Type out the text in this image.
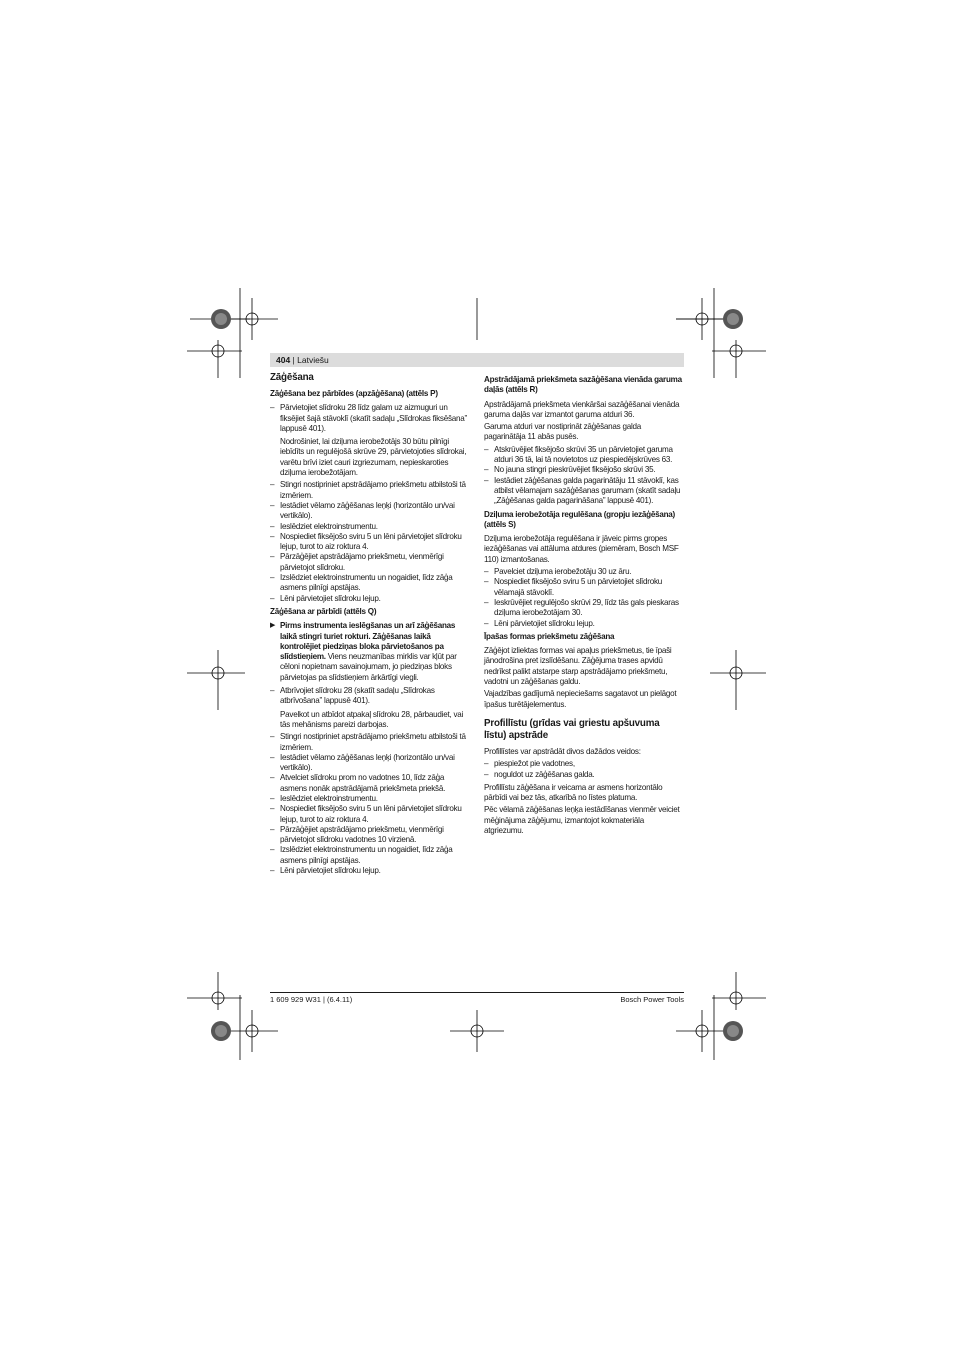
404 | Latviešu
Zāģēšana
Zāģēšana bez pārbīdes (apzāģēšana) (attēls P)
– Pārvietojiet slīdroku 28 līdz galam uz aizmuguri un fiksējiet šajā stāvoklī (skatīt sadaļu „Slīdrokas fiksēšana” lappusē 401).

Nodrošiniet, lai dziļuma ierobežotājs 30 būtu pilnīgi iebīdīts un regulējošā skrūve 29, pārvietojoties slīdrokai, varētu brīvi iziet cauri izgriezumam, nepieskaroties dziļuma ierobežotājam.

– Stingri nostipriniet apstrādājamo priekšmetu atbilstoši tā izmēriem.
– Iestādiet vēlamo zāģēšanas leņķi (horizontālo un/vai vertikālo).
– Ieslēdziet elektroinstrumentu.
– Nospiediet fiksējošo sviru 5 un lēni pārvietojiet slīdroku lejup, turot to aiz roktura 4.
– Pārzāģējiet apstrādājamo priekšmetu, vienmērīgi pārvietojot slīdroku.
– Izslēdziet elektroinstrumentu un nogaidiet, līdz zāģa asmens pilnīgi apstājas.
– Lēni pārvietojiet slīdroku lejup.
Zāģēšana ar pārbīdi (attēls Q)
▶ Pirms instrumenta ieslēgšanas un arī zāģēšanas laikā stingri turiet rokturi. Zāģēšanas laikā kontrolējiet piedziņas bloka pārvietošanos pa slīdstieņiem. Viens neuzmanības mirklis var kļūt par cēloni nopietnam savainojumam, jo piedziņas bloks pārvietojas pa slīdstieņiem ārkārtīgi viegli.
– Atbrīvojiet slīdroku 28 (skatīt sadaļu „Slīdrokas atbrīvošana” lappusē 401).

Pavelkot un atbīdot atpakaļ slīdroku 28, pārbaudiet, vai tās mehānisms pareizi darbojas.

– Stingri nostipriniet apstrādājamo priekšmetu atbilstoši tā izmēriem.
– Iestādiet vēlamo zāģēšanas leņķi (horizontālo un/vai vertikālo).
– Atvelciet slīdroku prom no vadotnes 10, līdz zāģa asmens nonāk apstrādājamā priekšmeta priekšā.
– Ieslēdziet elektroinstrumentu.
– Nospiediet fiksējošo sviru 5 un lēni pārvietojiet slīdroku lejup, turot to aiz roktura 4.
– Pārzāģējiet apstrādājamo priekšmetu, vienmērīgi pārvietojot slīdroku vadotnes 10 virzienā.
– Izslēdziet elektroinstrumentu un nogaidiet, līdz zāģa asmens pilnīgi apstājas.
– Lēni pārvietojiet slīdroku lejup.
Apstrādājamā priekšmeta sazāģēšana vienāda garuma daļās (attēls R)

Apstrādājamā priekšmeta vienkāršai sazāģēšanai vienāda garuma daļās var izmantot garuma atduri 36.

Garuma atduri var nostiprināt zāģēšanas galda pagarinātāja 11 abās pusēs.

– Atskrūvējiet fiksējošo skrūvi 35 un pārvietojiet garuma atduri 36 tā, lai tā novietotos uz piespiedējskrūves 63.
– No jauna stingri pieskrūvējiet fiksējošo skrūvi 35.
– Iestādiet zāģēšanas galda pagarinātāju 11 stāvoklī, kas atbilst vēlamajam sazāģēšanas garumam (skatīt sadaļu „Zāģēšanas galda pagarināšana” lappusē 401).
Dziļuma ierobežotāja regulēšana (gropju iezāģēšana) (attēls S)

Dziļuma ierobežotāja regulēšana ir jāveic pirms gropes iezāģēšanas vai attāluma atdures (piemēram, Bosch MSF 110) izmantošanas.

– Pavelciet dziļuma ierobežotāju 30 uz āru.
– Nospiediet fiksējošo sviru 5 un pārvietojiet slīdroku vēlamajā stāvoklī.
– Ieskrūvējiet regulējošo skrūvi 29, līdz tās gals pieskaras dziļuma ierobežotājam 30.
– Lēni pārvietojiet slīdroku lejup.
Īpašas formas priekšmetu zāģēšana

Zāģējot izliektas formas vai apaļus priekšmetus, tie īpaši jānodrošina pret izslīdēšanu. Zāģējuma trases apvidū nedrīkst palikt atstarpe starp apstrādājamo priekšmetu, vadotni un zāģēšanas galdu.

Vajadzības gadījumā nepieciešams sagatavot un pielāgot īpašus turētājelementus.

Profillīstu (grīdas vai griestu apšuvuma līstu) apstrāde

Profillīstes var apstrādāt divos dažādos veidos:

– piespiežot pie vadotnes,
– noguldot uz zāģēšanas galda.

Profillīstu zāģēšana ir veicama ar asmens horizontālo pārbīdi vai bez tās, atkarībā no līstes platuma.

Pēc vēlamā zāģēšanas leņķa iestādīšanas vienmēr veiciet mēģinājuma zāģējumu, izmantojot kokmateriāla atgriezumu.

1 609 929 W31 | (6.4.11)	Bosch Power Tools
